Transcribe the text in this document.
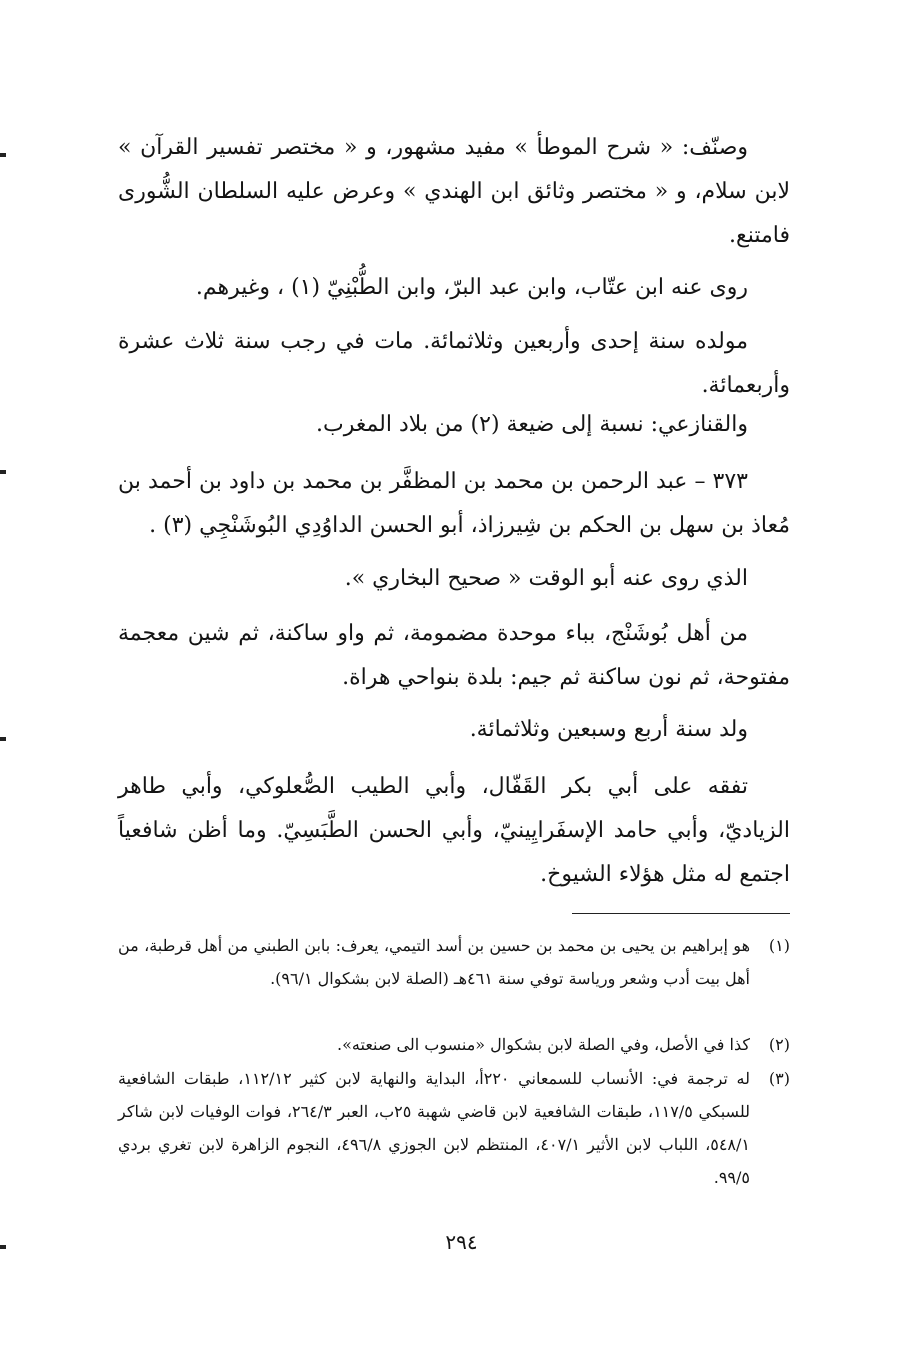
وصنّف: « شرح الموطأ » مفيد مشهور، و « مختصر تفسير القرآن » لابن سلام، و « مختصر وثائق ابن الهندي » وعرض عليه السلطان الشُّورى فامتنع.

روى عنه ابن عتّاب، وابن عبد البرّ، وابن الطُّبْنِيّ (١) ، وغيرهم.

مولده سنة إحدى وأربعين وثلاثمائة. مات في رجب سنة ثلاث عشرة وأربعمائة.

والقنازعي: نسبة إلى ضيعة (٢) من بلاد المغرب.

٣٧٣ – عبد الرحمن بن محمد بن المظفَّر بن محمد بن داود بن أحمد بن مُعاذ بن سهل بن الحكم بن شِيرزاذ، أبو الحسن الداوُدِي البُوشَنْجِي (٣) .

الذي روى عنه أبو الوقت « صحيح البخاري ».

من أهل بُوشَنْج، بباء موحدة مضمومة، ثم واو ساكنة، ثم شين معجمة مفتوحة، ثم نون ساكنة ثم جيم: بلدة بنواحي هراة.

ولد سنة أربع وسبعين وثلاثمائة.

تفقه على أبي بكر القَفّال، وأبي الطيب الصُّعلوكي، وأبي طاهر الزياديّ، وأبي حامد الإسفَرايِينيّ، وأبي الحسن الطَّبَسِيّ. وما أظن شافعياً اجتمع له مثل هؤلاء الشيوخ.

(١)
هو إبراهيم بن يحيى بن محمد بن حسين بن أسد التيمي، يعرف: بابن الطبني من أهل قرطبة، من أهل بيت أدب وشعر ورياسة توفي سنة ٤٦١هـ (الصلة لابن بشكوال ٩٦/١).
(٢)
كذا في الأصل، وفي الصلة لابن بشكوال «منسوب الى صنعته».
(٣)
له ترجمة في: الأنساب للسمعاني ٢٢٠أ، البداية والنهاية لابن كثير ١١٢/١٢، طبقات الشافعية للسبكي ١١٧/٥، طبقات الشافعية لابن قاضي شهبة ٢٥ب، العبر ٢٦٤/٣، فوات الوفيات لابن شاكر ٥٤٨/١، اللباب لابن الأثير ٤٠٧/١، المنتظم لابن الجوزي ٤٩٦/٨، النجوم الزاهرة لابن تغري بردي ٩٩/٥.
٢٩٤
